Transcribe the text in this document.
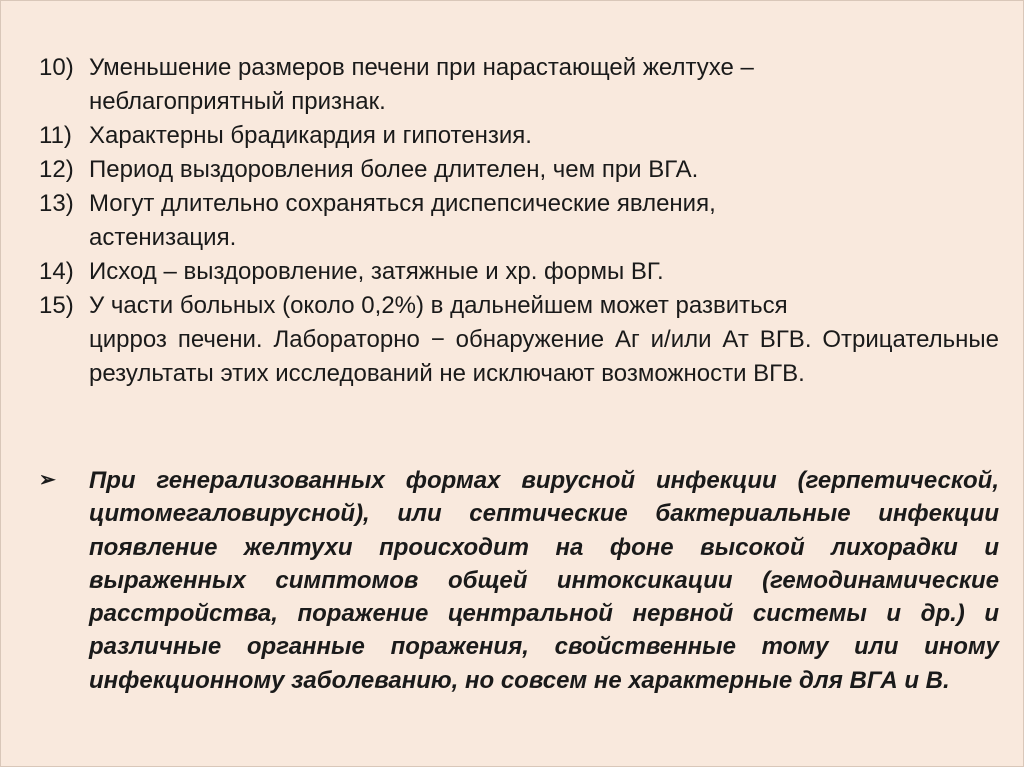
10) Уменьшение размеров печени при нарастающей желтухе –
неблагоприятный признак.
11) Характерны брадикардия и гипотензия.
12) Период выздоровления более длителен, чем при ВГА.
13) Могут длительно сохраняться диспепсические явления,
астенизация.
14) Исход – выздоровление, затяжные и хр. формы ВГ.
15) У части больных (около 0,2%) в дальнейшем может развиться
цирроз печени. Лабораторно − обнаружение Аг и/или Ат ВГВ. Отрицательные результаты этих исследований не исключают возможности ВГВ.
➢	При генерализованных формах вирусной инфекции (герпетической, цитомегаловирусной), или септические бактериальные инфекции появление желтухи происходит на фоне высокой лихорадки и выраженных симптомов общей интоксикации (гемодинамические расстройства, поражение центральной нервной системы и др.) и различные органные поражения, свойственные тому или иному инфекционному заболеванию, но совсем не характерные для ВГА и В.
